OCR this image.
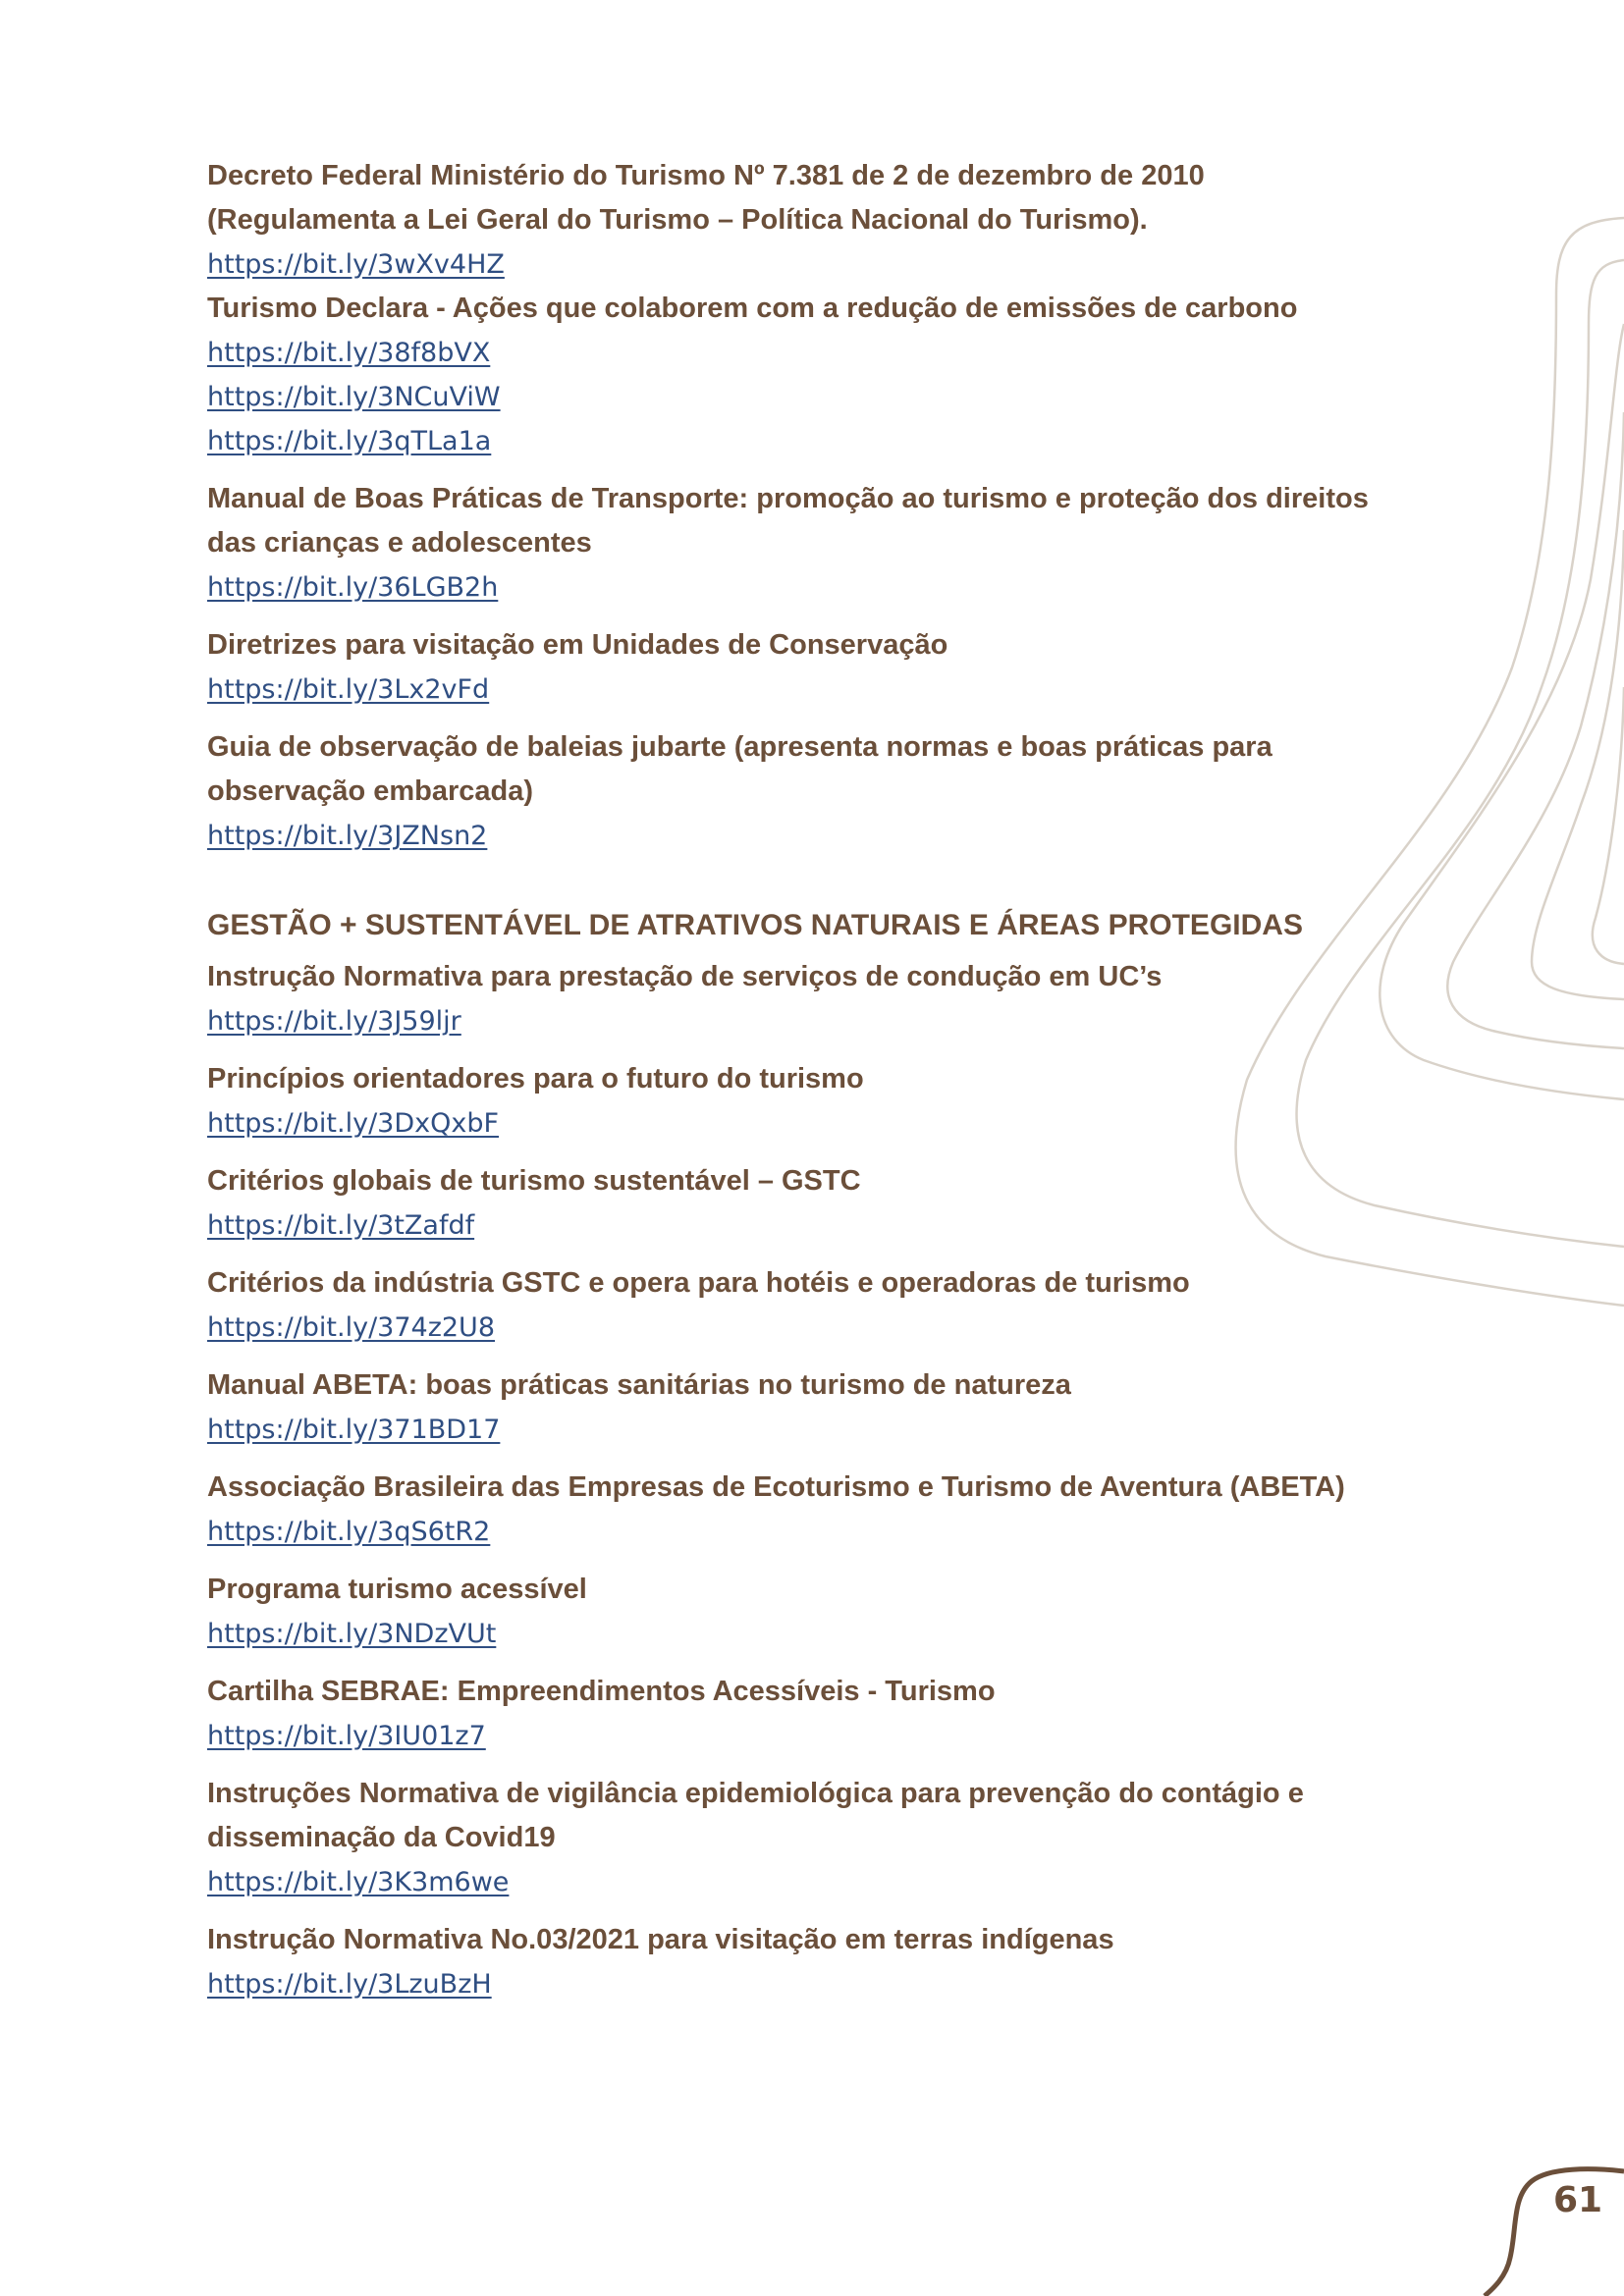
Decreto Federal Ministério do Turismo Nº 7.381 de 2 de dezembro de 2010
(Regulamenta a Lei Geral do Turismo – Política Nacional do Turismo).
https://bit.ly/3wXv4HZ
Turismo Declara - Ações que colaborem com a redução de emissões de carbono
https://bit.ly/38f8bVX
https://bit.ly/3NCuViW
https://bit.ly/3qTLa1a
Manual de Boas Práticas de Transporte: promoção ao turismo e proteção dos direitos
das crianças e adolescentes
https://bit.ly/36LGB2h
Diretrizes para visitação em Unidades de Conservação
https://bit.ly/3Lx2vFd
Guia de observação de baleias jubarte (apresenta normas e boas práticas para
observação embarcada)
https://bit.ly/3JZNsn2
GESTÃO + SUSTENTÁVEL DE ATRATIVOS NATURAIS E ÁREAS PROTEGIDAS
Instrução Normativa para prestação de serviços de condução em UC’s
https://bit.ly/3J59ljr
Princípios orientadores para o futuro do turismo
https://bit.ly/3DxQxbF
Critérios globais de turismo sustentável – GSTC
https://bit.ly/3tZafdf
Critérios da indústria GSTC e opera para hotéis e operadoras de turismo
https://bit.ly/374z2U8
Manual ABETA: boas práticas sanitárias no turismo de natureza
https://bit.ly/371BD17
Associação Brasileira das Empresas de Ecoturismo e Turismo de Aventura (ABETA)
https://bit.ly/3qS6tR2
Programa turismo acessível
https://bit.ly/3NDzVUt
Cartilha SEBRAE: Empreendimentos Acessíveis - Turismo
https://bit.ly/3IU01z7
Instruções Normativa de vigilância epidemiológica para prevenção do contágio e
disseminação da Covid19
https://bit.ly/3K3m6we
Instrução Normativa No.03/2021 para visitação em terras indígenas
https://bit.ly/3LzuBzH
61
